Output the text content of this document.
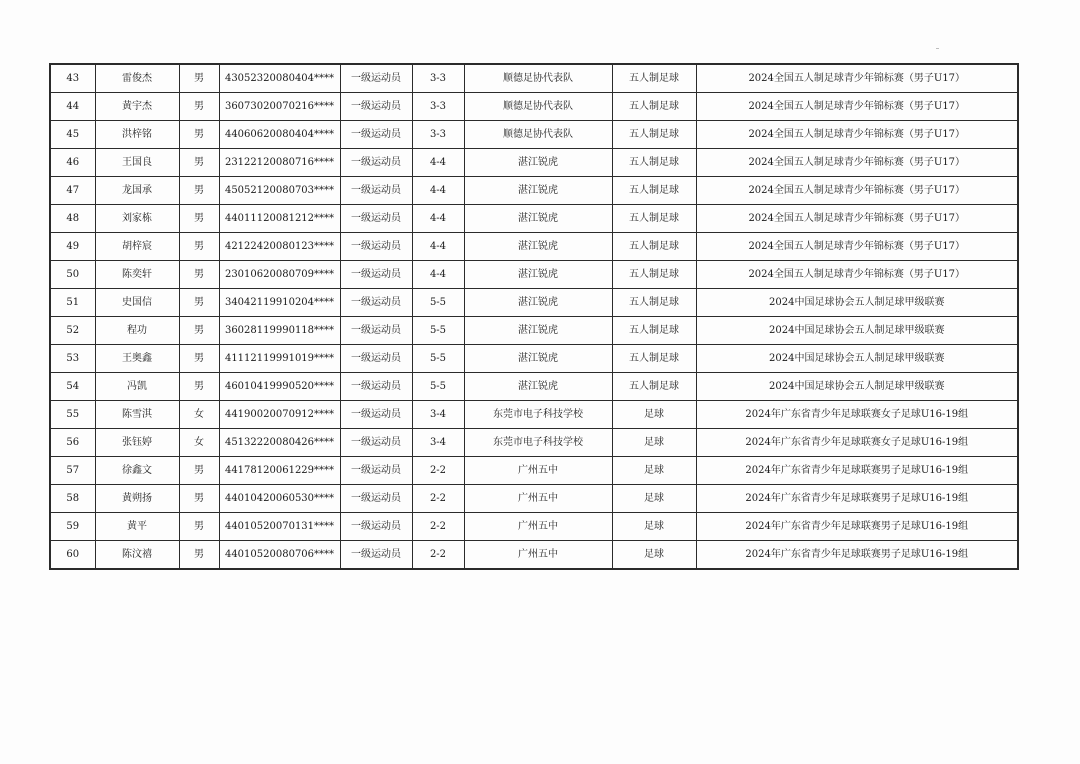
43	雷俊杰	男	43052320080404****	一级运动员	3-3	顺德足协代表队	五人制足球	2024全国五人制足球青少年锦标赛（男子U17）
44	黄宇杰	男	36073020070216****	一级运动员	3-3	顺德足协代表队	五人制足球	2024全国五人制足球青少年锦标赛（男子U17）
45	洪梓铭	男	44060620080404****	一级运动员	3-3	顺德足协代表队	五人制足球	2024全国五人制足球青少年锦标赛（男子U17）
46	王国良	男	23122120080716****	一级运动员	4-4	湛江锐虎	五人制足球	2024全国五人制足球青少年锦标赛（男子U17）
47	龙国承	男	45052120080703****	一级运动员	4-4	湛江锐虎	五人制足球	2024全国五人制足球青少年锦标赛（男子U17）
48	刘家栋	男	44011120081212****	一级运动员	4-4	湛江锐虎	五人制足球	2024全国五人制足球青少年锦标赛（男子U17）
49	胡梓宸	男	42122420080123****	一级运动员	4-4	湛江锐虎	五人制足球	2024全国五人制足球青少年锦标赛（男子U17）
50	陈奕轩	男	23010620080709****	一级运动员	4-4	湛江锐虎	五人制足球	2024全国五人制足球青少年锦标赛（男子U17）
51	史国信	男	34042119910204****	一级运动员	5-5	湛江锐虎	五人制足球	2024中国足球协会五人制足球甲级联赛
52	程功	男	36028119990118****	一级运动员	5-5	湛江锐虎	五人制足球	2024中国足球协会五人制足球甲级联赛
53	王奥鑫	男	41112119991019****	一级运动员	5-5	湛江锐虎	五人制足球	2024中国足球协会五人制足球甲级联赛
54	冯凯	男	46010419990520****	一级运动员	5-5	湛江锐虎	五人制足球	2024中国足球协会五人制足球甲级联赛
55	陈雪淇	女	44190020070912****	一级运动员	3-4	东莞市电子科技学校	足球	2024年广东省青少年足球联赛女子足球U16-19组
56	张钰婷	女	45132220080426****	一级运动员	3-4	东莞市电子科技学校	足球	2024年广东省青少年足球联赛女子足球U16-19组
57	徐鑫文	男	44178120061229****	一级运动员	2-2	广州五中	足球	2024年广东省青少年足球联赛男子足球U16-19组
58	黄朔扬	男	44010420060530****	一级运动员	2-2	广州五中	足球	2024年广东省青少年足球联赛男子足球U16-19组
59	黄平	男	44010520070131****	一级运动员	2-2	广州五中	足球	2024年广东省青少年足球联赛男子足球U16-19组
60	陈汶禧	男	44010520080706****	一级运动员	2-2	广州五中	足球	2024年广东省青少年足球联赛男子足球U16-19组
